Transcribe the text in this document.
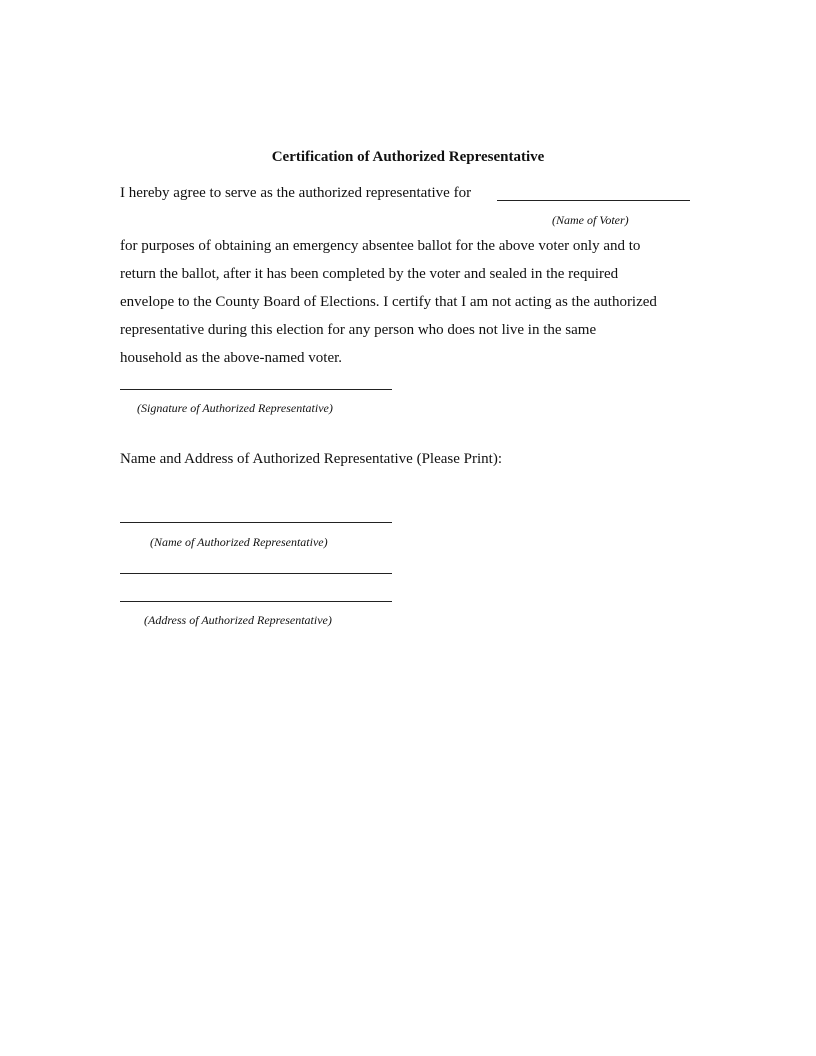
Certification of Authorized Representative
I hereby agree to serve as the authorized representative for
(Name of Voter)
for purposes of obtaining an emergency absentee ballot for the above voter only and to
return the ballot, after it has been completed by the voter and sealed in the required
envelope to the County Board of Elections. I certify that I am not acting as the authorized
representative during this election for any person who does not live in the same
household as the above-named voter.
(Signature of Authorized Representative)
Name and Address of Authorized Representative (Please Print):
(Name of Authorized Representative)
(Address of Authorized Representative)
